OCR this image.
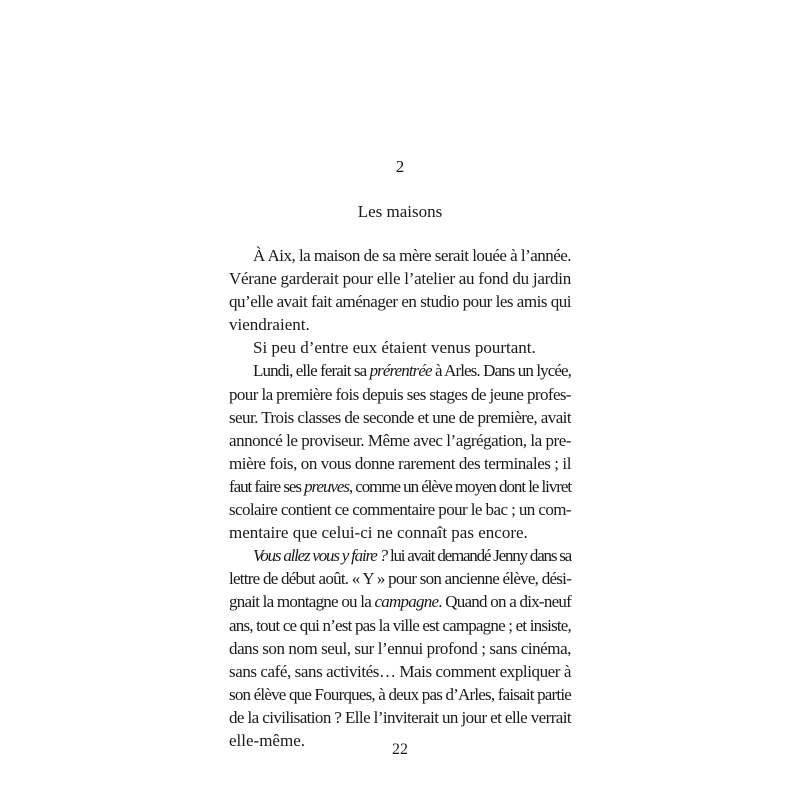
2

Les maisons
À Aix, la maison de sa mère serait louée à l’année.
Vérane garderait pour elle l’atelier au fond du jardin
qu’elle avait fait aménager en studio pour les amis qui
viendraient.
Si peu d’entre eux étaient venus pourtant.
Lundi, elle ferait sa prérentrée à Arles. Dans un lycée,
pour la première fois depuis ses stages de jeune profes-
seur. Trois classes de seconde et une de première, avait
annoncé le proviseur. Même avec l’agrégation, la pre-
mière fois, on vous donne rarement des terminales ; il
faut faire ses preuves, comme un élève moyen dont le livret
scolaire contient ce commentaire pour le bac ; un com-
mentaire que celui-ci ne connaît pas encore.
Vous allez vous y faire ? lui avait demandé Jenny dans sa
lettre de début août. « Y » pour son ancienne élève, dési-
gnait la montagne ou la campagne. Quand on a dix-neuf
ans, tout ce qui n’est pas la ville est campagne ; et insiste,
dans son nom seul, sur l’ennui profond ; sans cinéma,
sans café, sans activités… Mais comment expliquer à
son élève que Fourques, à deux pas d’Arles, faisait partie
de la civilisation ? Elle l’inviterait un jour et elle verrait
elle-même.	22
